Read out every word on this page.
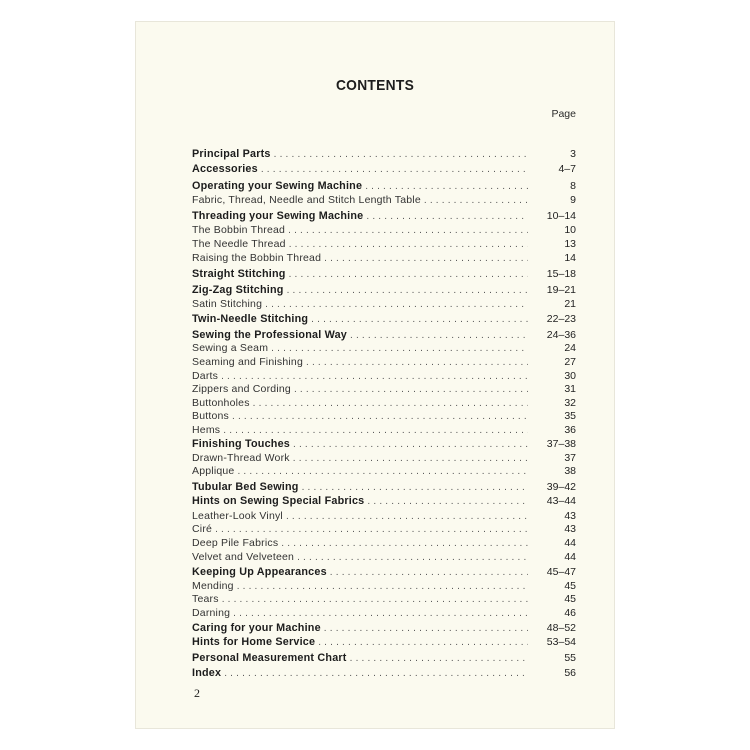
CONTENTS
Page
Principal Parts . . .	3
Accessories . . .	4–7
Operating your Sewing Machine . . .	8
Fabric, Thread, Needle and Stitch Length Table . . .	9
Threading your Sewing Machine . . .	10–14
The Bobbin Thread . . .	10
The Needle Thread . . .	13
Raising the Bobbin Thread . . .	14
Straight Stitching . . .	15–18
Zig-Zag Stitching . . .	19–21
Satin Stitching . . .	21
Twin-Needle Stitching . . .	22–23
Sewing the Professional Way . . .	24–36
Sewing a Seam . . .	24
Seaming and Finishing . . .	27
Darts . . .	30
Zippers and Cording . . .	31
Buttonholes . . .	32
Buttons . . .	35
Hems . . .	36
Finishing Touches . . .	37–38
Drawn-Thread Work . . .	37
Applique . . .	38
Tubular Bed Sewing . . .	39–42
Hints on Sewing Special Fabrics . . .	43–44
Leather-Look Vinyl . . .	43
Ciré . . .	43
Deep Pile Fabrics . . .	44
Velvet and Velveteen . . .	44
Keeping Up Appearances . . .	45–47
Mending . . .	45
Tears . . .	45
Darning . . .	46
Caring for your Machine . . .	48–52
Hints for Home Service . . .	53–54
Personal Measurement Chart . . .	55
Index . . .	56
2
